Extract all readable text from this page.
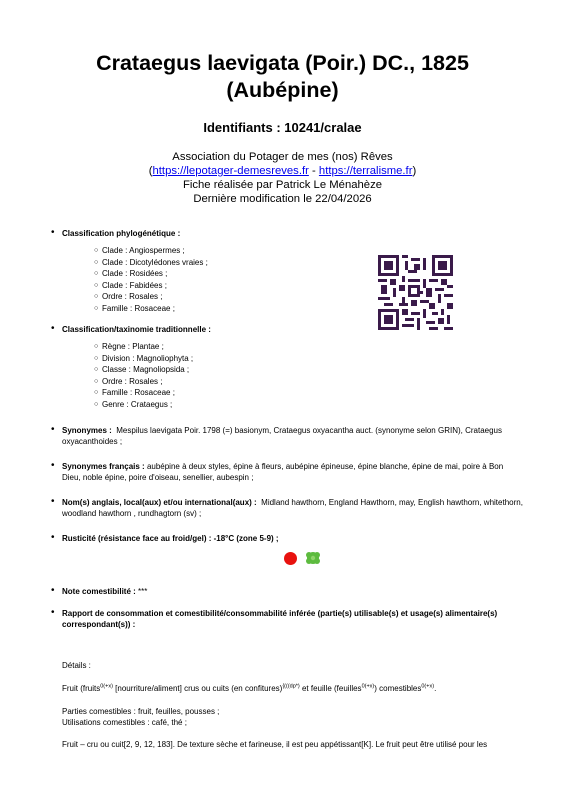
Crataegus laevigata (Poir.) DC., 1825
(Aubépine)
Identifiants : 10241/cralae
Association du Potager de mes (nos) Rêves
(https://lepotager-demesreves.fr - https://terralisme.fr)
Fiche réalisée par Patrick Le Ménahèze
Dernière modification le 22/04/2026
• Classification phylogénétique :
○ Clade : Angiospermes ;
○ Clade : Dicotylédones vraies ;
○ Clade : Rosidées ;
○ Clade : Fabidées ;
○ Ordre : Rosales ;
○ Famille : Rosaceae ;
• Classification/taxinomie traditionnelle :
○ Règne : Plantae ;
○ Division : Magnoliophyta ;
○ Classe : Magnoliopsida ;
○ Ordre : Rosales ;
○ Famille : Rosaceae ;
○ Genre : Crataegus ;
• Synonymes : Mespilus laevigata Poir. 1798 (=) basionym, Crataegus oxyacantha auct. (synonyme selon GRIN), Crataegus oxyacanthoides ;
• Synonymes français : aubépine à deux styles, épine à fleurs, aubépine épineuse, épine blanche, épine de mai, poire à Bon Dieu, noble épine, poire d'oiseau, senellier, aubespin ;
• Nom(s) anglais, local(aux) et/ou international(aux) : Midland hawthorn, England Hawthorn, may, English hawthorn, whitethorn, woodland hawthorn , rundhagtorn (sv) ;
• Rusticité (résistance face au froid/gel) : -18°C (zone 5-9) ;

• Note comestibilité : ***
• Rapport de consommation et comestibilité/consommabilité inférée (partie(s) utilisable(s) et usage(s) alimentaire(s) correspondant(s)) :

Détails :

Fruit (fruits$^{0(+x)}$ [nourriture/aliment] crus ou cuits (en confitures)$^{\{(((dp*)}$ et feuille (feuilles$^{0(+x)}$) comestibles$^{0(+x)}$.

Parties comestibles : fruit, feuilles, pousses ;
Utilisations comestibles : café, thé ;

Fruit – cru ou cuit[2, 9, 12, 183]. De texture sèche et farineuse, il est peu appétissant[K]. Le fruit peut être utilisé pour les
